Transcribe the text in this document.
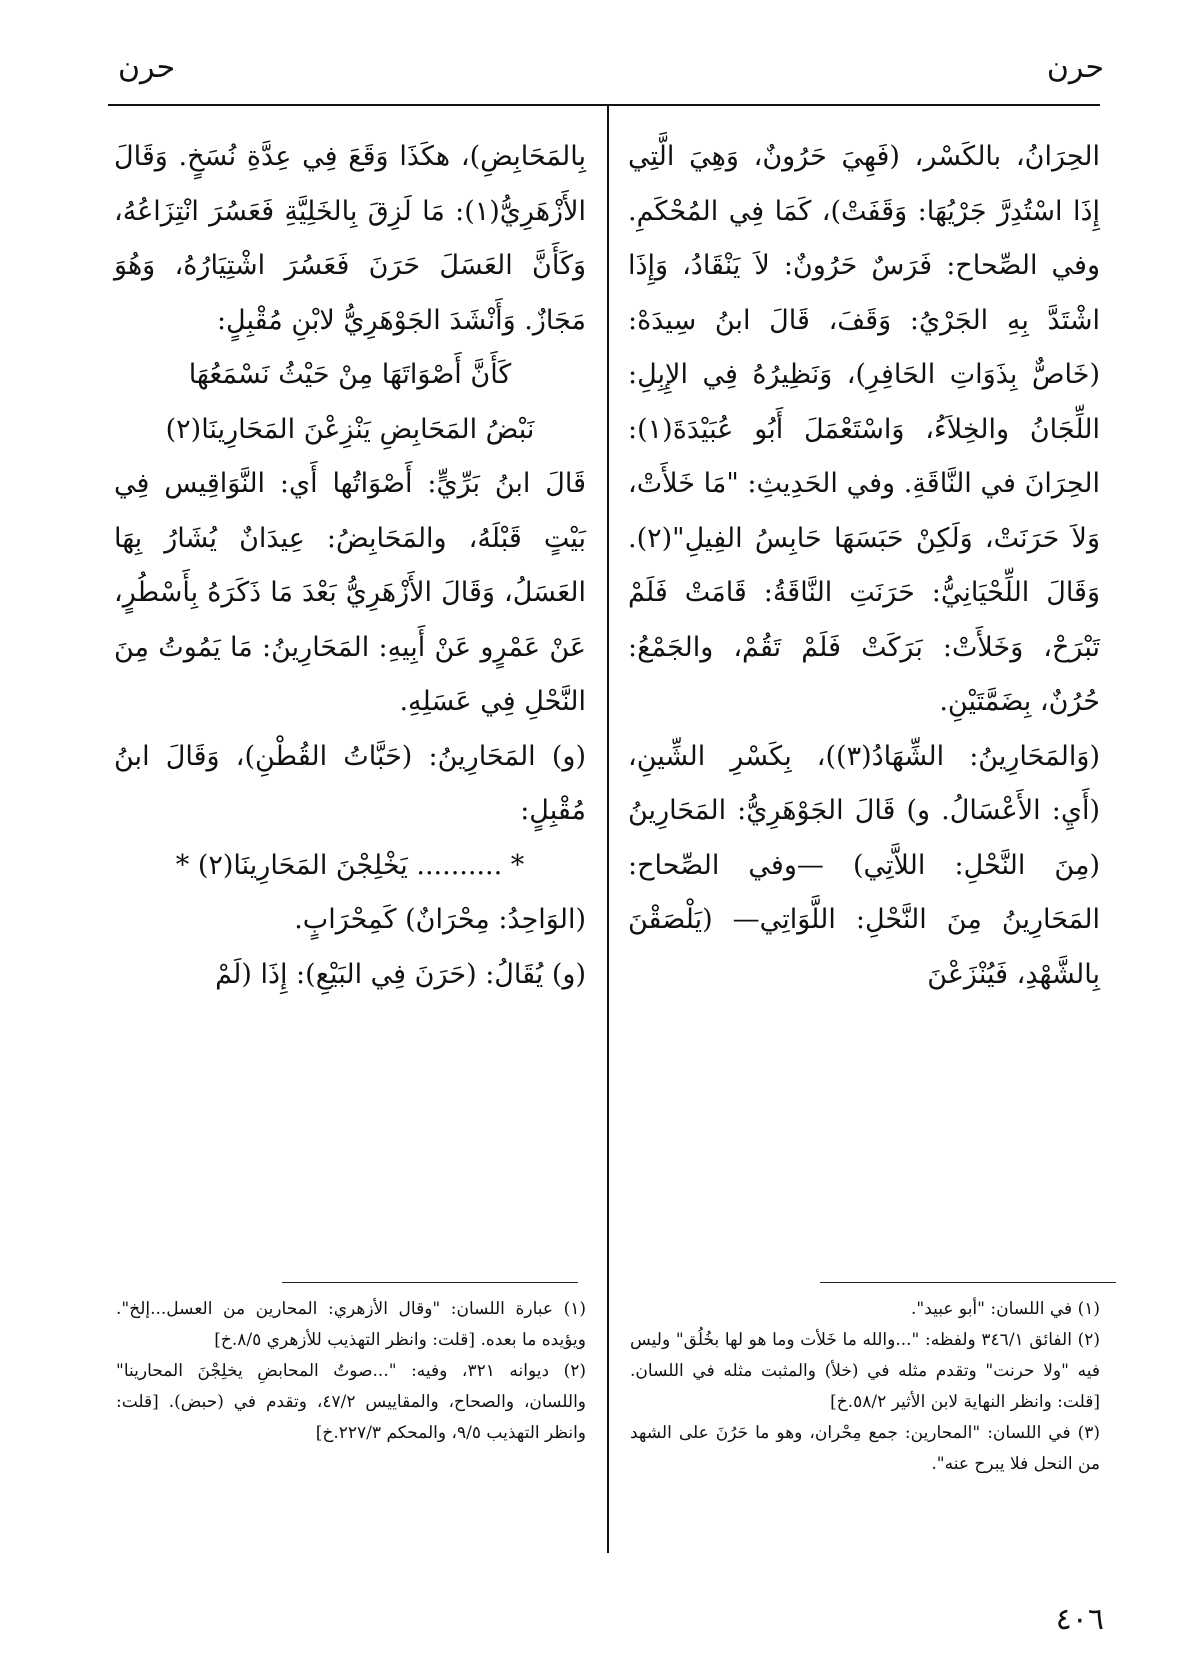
حرن
حرن

الحِرَانُ، بالكَسْر، (فَهِيَ حَرُونٌ، وَهِيَ الَّتِي إِذَا اسْتُدِرَّ جَرْيُهَا: وَقَفَتْ)، كَمَا فِي المُحْكَمِ. وفي الصِّحاح: فَرَسٌ حَرُونٌ: لاَ يَنْقَادُ، وَإِذَا اشْتَدَّ بِهِ الجَرْيُ: وَقَفَ، قَالَ ابنُ سِيدَهْ: (خَاصٌّ بِذَوَاتِ الحَافِرِ)، وَنَظِيرُهُ فِي الإِبِلِ: اللِّجَانُ والخِلاَءُ، وَاسْتَعْمَلَ أَبُو عُبَيْدَةَ(١): الحِرَانَ في النَّاقَةِ. وفي الحَدِيثِ: "مَا خَلأَتْ، وَلاَ حَرَنَتْ، وَلَكِنْ حَبَسَهَا حَابِسُ الفِيلِ"(٢). وَقَالَ اللِّحْيَانِيُّ: حَرَنَتِ النَّاقَةُ: قَامَتْ فَلَمْ تَبْرَحْ، وَخَلأَتْ: بَرَكَتْ فَلَمْ تَقُمْ، والجَمْعُ: حُرُنٌ، بِضَمَّتَيْنِ.

(وَالمَحَارِينُ: الشِّهَادُ(٣))، بِكَسْرِ الشِّينِ، (أَيِ: الأَعْسَالُ. و) قَالَ الجَوْهَرِيُّ: المَحَارِينُ (مِنَ النَّحْلِ: اللاَّتِي) —وفي الصِّحاح: المَحَارِينُ مِنَ النَّحْلِ: اللَّوَاتِي— (يَلْصَقْنَ بِالشَّهْدِ، فَيُنْزَعْنَ

بِالمَحَابِضِ)، هكَذَا وَقَعَ فِي عِدَّةِ نُسَخٍ. وَقَالَ الأَزْهَرِيُّ(١): مَا لَزِقَ بِالخَلِيَّةِ فَعَسُرَ انْتِزَاعُهُ، وَكَأَنَّ العَسَلَ حَرَنَ فَعَسُرَ اشْتِيَارُهُ، وَهُوَ مَجَازٌ. وَأَنْشَدَ الجَوْهَرِيُّ لابْنِ مُقْبِلٍ:

كَأَنَّ أَصْوَاتَهَا مِنْ حَيْثُ نَسْمَعُهَا

نَبْضُ المَحَابِضِ يَنْزِعْنَ المَحَارِينَا(٢)

قَالَ ابنُ بَرِّيٍّ: أَصْوَاتُها أَي: النَّوَاقِيس فِي بَيْتٍ قَبْلَهُ، والمَحَابِضُ: عِيدَانٌ يُشَارُ بِهَا العَسَلُ، وَقَالَ الأَزْهَرِيُّ بَعْدَ مَا ذَكَرَهُ بِأَسْطُرٍ، عَنْ عَمْرٍو عَنْ أَبِيهِ: المَحَارِينُ: مَا يَمُوتُ مِنَ النَّحْلِ فِي عَسَلِهِ.

(و) المَحَارِينُ: (حَبَّاتُ القُطْنِ)، وَقَالَ ابنُ مُقْبِلٍ:

* .......... يَخْلِجْنَ المَحَارِينَا(٢) *

(الوَاحِدُ: مِحْرَانٌ) كَمِحْرَابٍ.

(و) يُقَالُ: (حَرَنَ فِي البَيْعِ): إِذَا (لَمْ

(١) في اللسان: "أبو عبيد".

(٢) الفائق ٣٤٦/١ ولفظه: "...والله ما خَلأت وما هو لها بخُلُق" وليس فيه "ولا حرنت" وتقدم مثله في (خلأ) والمثبت مثله في اللسان. [قلت: وانظر النهاية لابن الأثير ٥٨/٢.خ]

(٣) في اللسان: "المحارين: جمع مِحْران، وهو ما حَرُنَ على الشهد من النحل فلا يبرح عنه".

(١) عبارة اللسان: "وقال الأزهري: المحارين من العسل...إلخ". ويؤيده ما بعده. [قلت: وانظر التهذيب للأزهري ٨/٥.خ]

(٢) ديوانه ٣٢١، وفيه: "...صوتُ المحابضِ يخلِجْنَ المحارينا" واللسان، والصحاح، والمقاييس ٤٧/٢، وتقدم في (حبض). [قلت: وانظر التهذيب ٩/٥، والمحكم ٢٢٧/٣.خ]

٤٠٦
